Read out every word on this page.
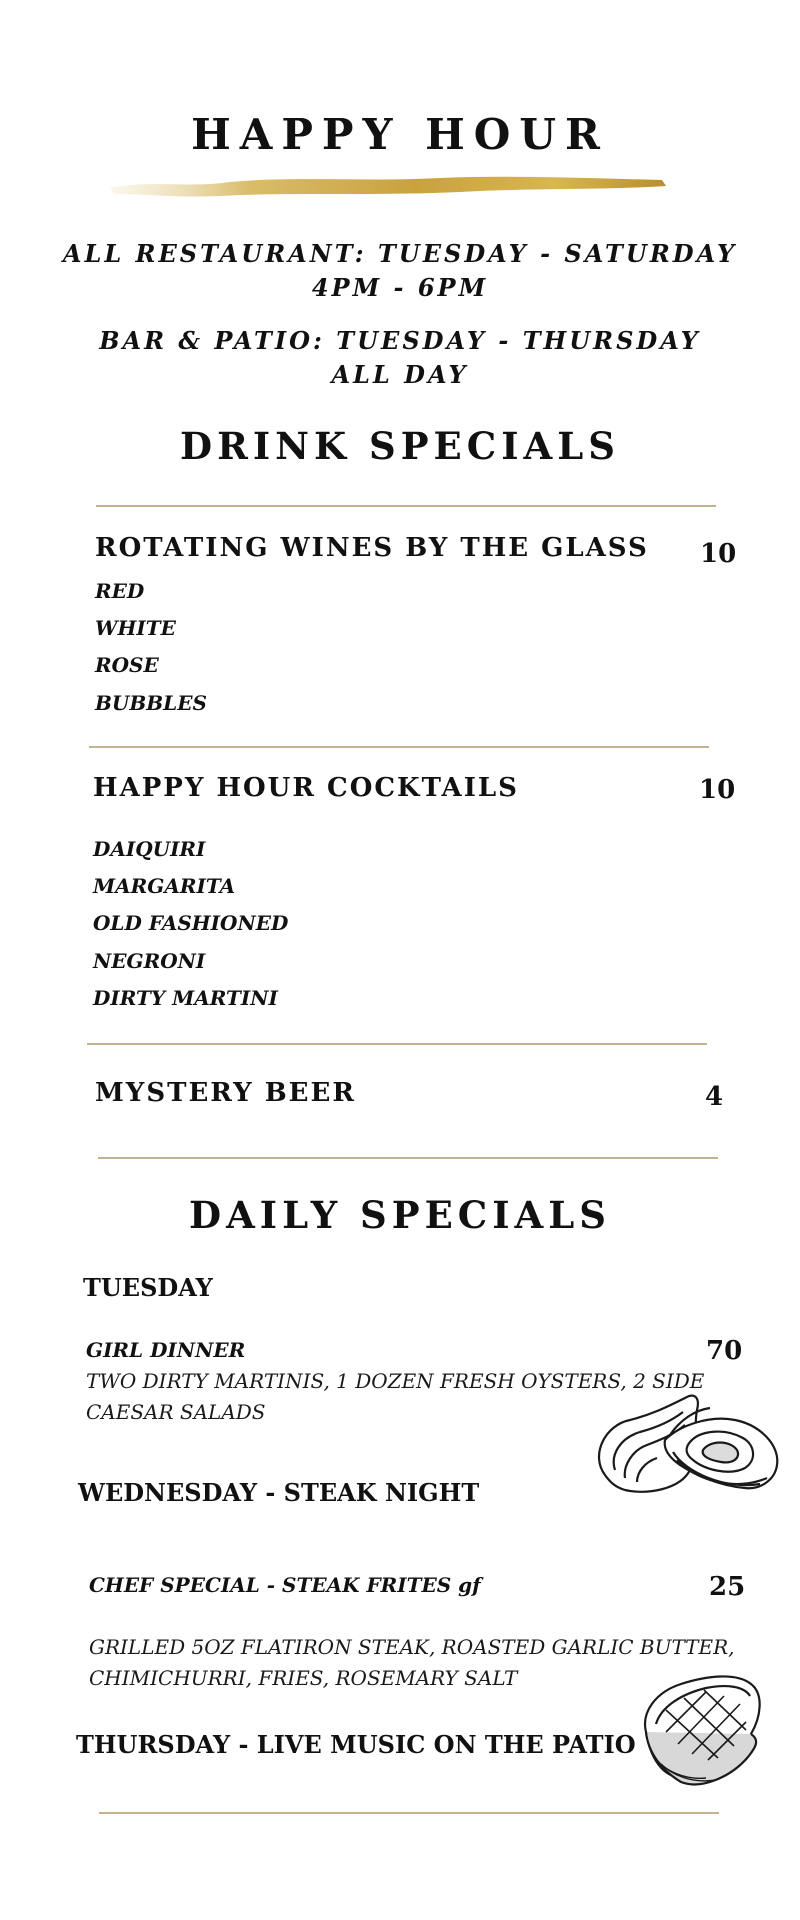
HAPPY HOUR
ALL RESTAURANT: TUESDAY - SATURDAY
4PM - 6PM
BAR & PATIO: TUESDAY - THURSDAY
ALL DAY
DRINK SPECIALS
ROTATING WINES BY THE GLASS 10
RED
WHITE
ROSE
BUBBLES
HAPPY HOUR COCKTAILS	10
DAIQUIRI
MARGARITA
OLD FASHIONED
NEGRONI
DIRTY MARTINI
MYSTERY BEER	4
DAILY SPECIALS
TUESDAY
GIRL DINNER	70
TWO DIRTY MARTINIS, 1 DOZEN FRESH OYSTERS, 2 SIDE
CAESAR SALADS
WEDNESDAY - STEAK NIGHT
CHEF SPECIAL - STEAK FRITES gf	25
GRILLED 5OZ FLATIRON STEAK, ROASTED GARLIC BUTTER,
CHIMICHURRI, FRIES, ROSEMARY SALT
THURSDAY - LIVE MUSIC ON THE PATIO
